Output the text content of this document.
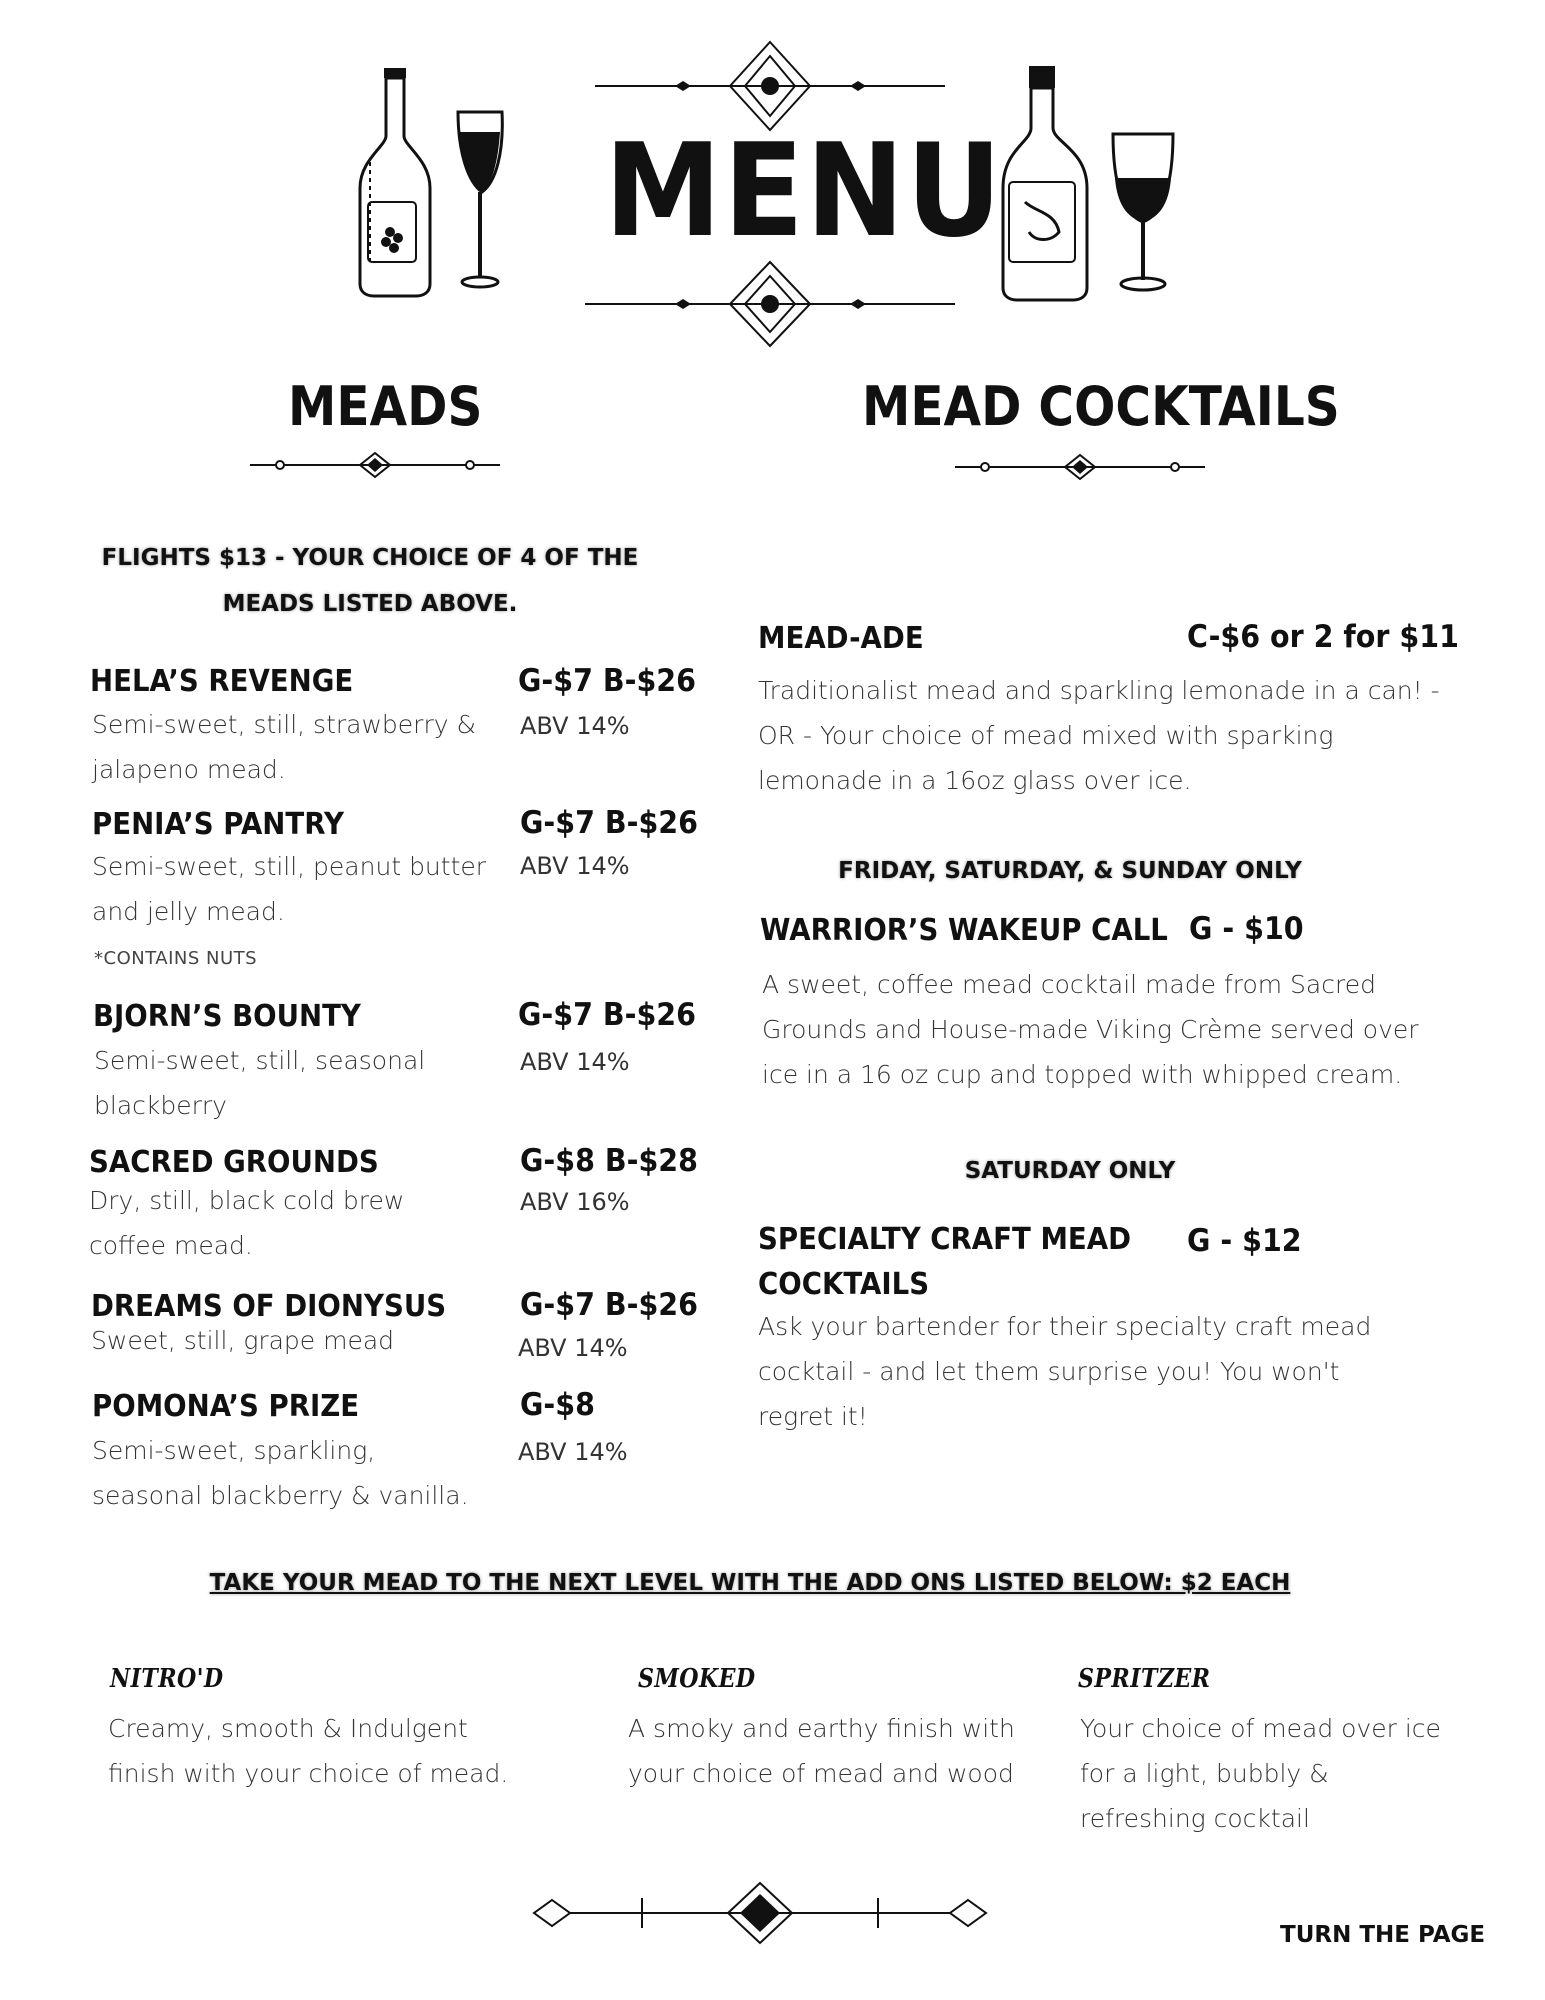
MENU
MEADS	MEAD COCKTAILS
FLIGHTS $13 - YOUR CHOICE OF 4 OF THE MEADS LISTED ABOVE.
HELA’S REVENGE	G-$7 B-$26
Semi-sweet, still, strawberry & jalapeno mead.
ABV 14%
PENIA’S PANTRY	G-$7 B-$26
Semi-sweet, still, peanut butter and jelly mead.
ABV 14%
*CONTAINS NUTS
BJORN’S BOUNTY	G-$7 B-$26
Semi-sweet, still, seasonal blackberry
ABV 14%
SACRED GROUNDS	G-$8 B-$28
Dry, still, black cold brew coffee mead.
ABV 16%
DREAMS OF DIONYSUS G-$7 B-$26
Sweet, still, grape mead	ABV 14%
POMONA’S PRIZE	G-$8
Semi-sweet, sparkling, seasonal blackberry & vanilla.
ABV 14%
MEAD-ADE	C-$6 or 2 for $11
Traditionalist mead and sparkling lemonade in a can! - OR - Your choice of mead mixed with sparking lemonade in a 16oz glass over ice.
FRIDAY, SATURDAY, & SUNDAY ONLY
WARRIOR’S WAKEUP CALL G - $10
A sweet, coffee mead cocktail made from Sacred Grounds and House-made Viking Crème served over ice in a 16 oz cup and topped with whipped cream.
SATURDAY ONLY
SPECIALTY CRAFT MEAD
COCKTAILS
G - $12
Ask your bartender for their specialty craft mead cocktail - and let them surprise you! You won't regret it!
TAKE YOUR MEAD TO THE NEXT LEVEL WITH THE ADD ONS LISTED BELOW: $2 EACH
NITRO'D
Creamy, smooth & Indulgent finish with your choice of mead.
SMOKED
A smoky and earthy finish with your choice of mead and wood
SPRITZER
Your choice of mead over ice for a light, bubbly & refreshing cocktail
TURN THE PAGE
